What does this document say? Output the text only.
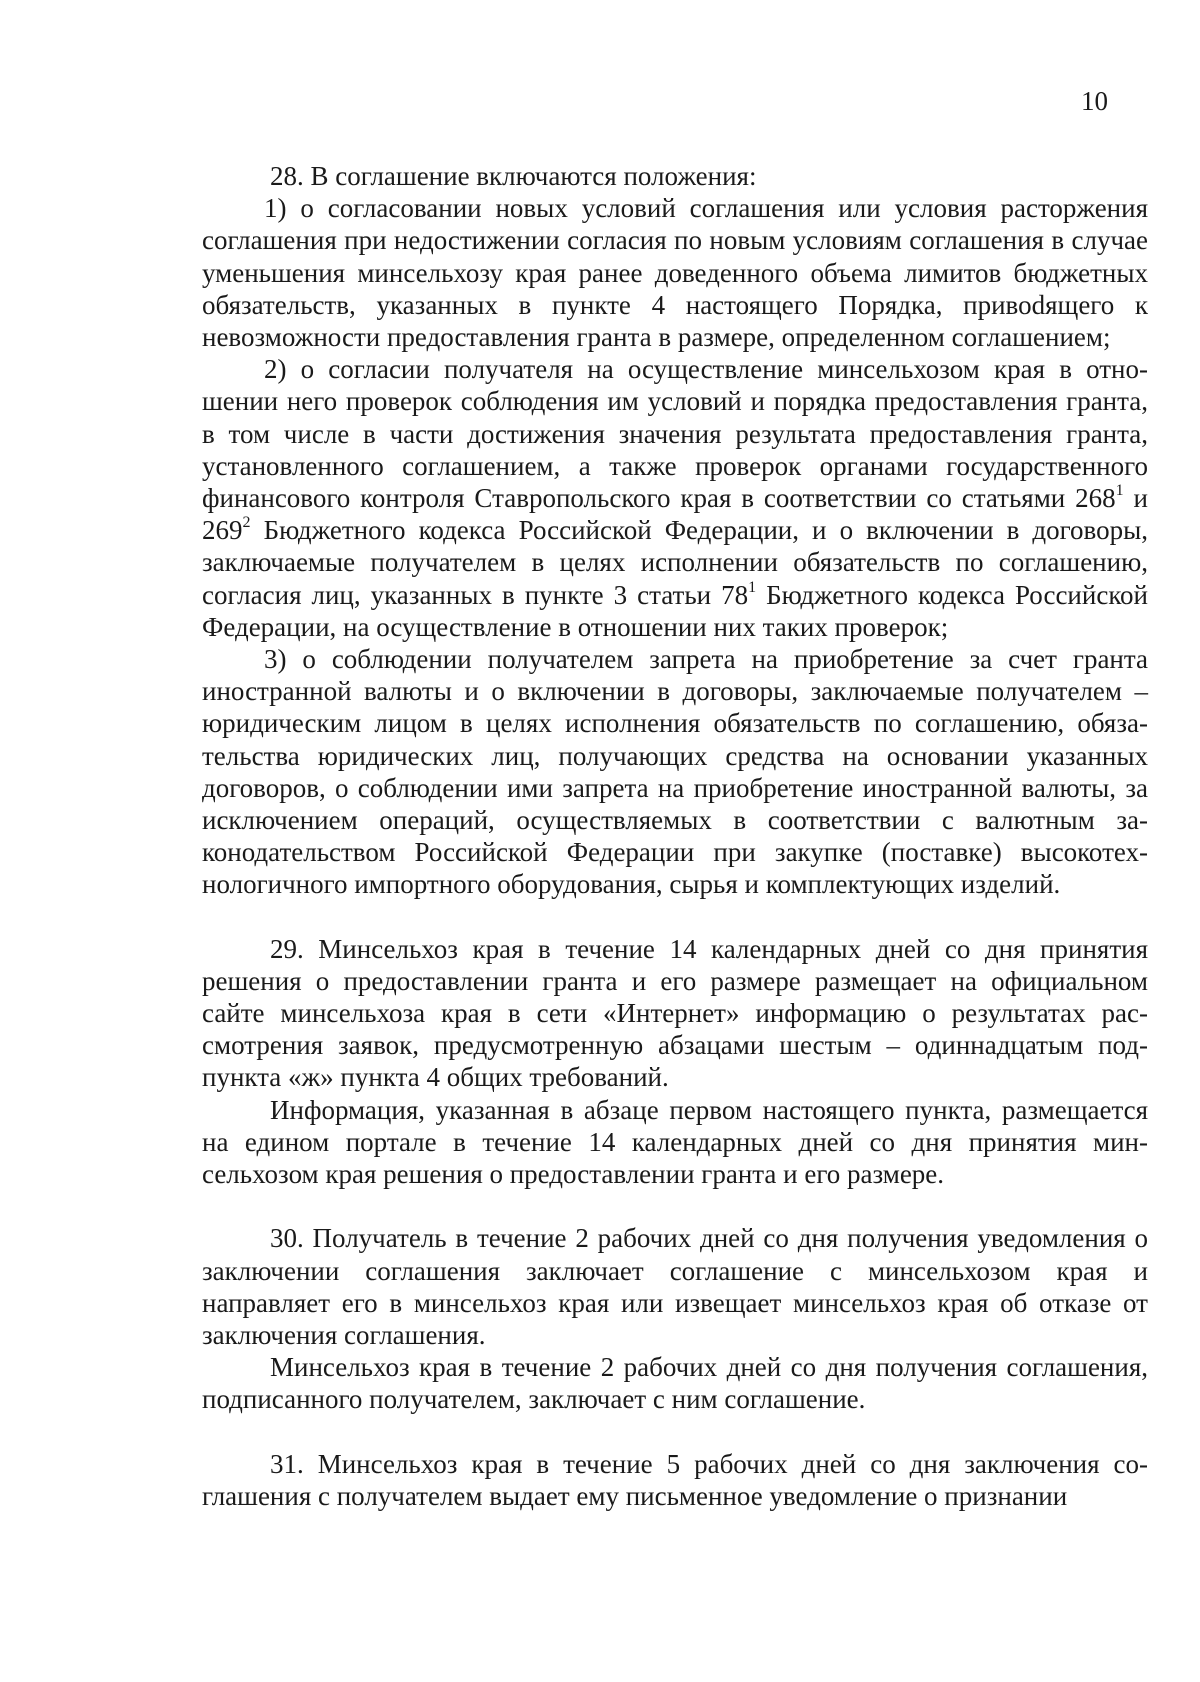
10

28. В соглашение включаются положения:

1) о согласовании новых условий соглашения или условия расторжения соглашения при недостижении согласия по новым условиям соглашения в случае уменьшения минсельхозу края ранее доведенного объема лимитов бюджетных обязательств, указанных в пункте 4 настоящего Порядка, привоdящего к невозможности предоставления гранта в размере, определенном соглашением;

2) о согласии получателя на осуществление минсельхозом края в отношении него проверок соблюдения им условий и порядка предоставления гранта, в том числе в части достижения значения результата предоставления гранта, установленного соглашением, а также проверок органами государственного финансового контроля Ставропольского края в соответствии со статьями $268^1$ и $269^2$ Бюджетного кодекса Российской Федерации, и о включении в договоры, заключаемые получателем в целях исполнении обязательств по соглашению, согласия лиц, указанных в пункте 3 статьи $78^1$ Бюджетного кодекса Российской Федерации, на осуществление в отношении них таких проверок;

3) о соблюдении получателем запрета на приобретение за счет гранта иностранной валюты и о включении в договоры, заключаемые получателем – юридическим лицом в целях исполнения обязательств по соглашению, обязательства юридических лиц, получающих средства на основании указанных договоров, о соблюдении ими запрета на приобретение иностранной валюты, за исключением операций, осуществляемых в соответствии с валютным законодательством Российской Федерации при закупке (поставке) высокотехнологичного импортного оборудования, сырья и комплектующих изделий.

29. Минсельхоз края в течение 14 календарных дней со дня принятия решения о предоставлении гранта и его размере размещает на официальном сайте минсельхоза края в сети «Интернет» информацию о результатах рассмотрения заявок, предусмотренную абзацами шестым – одиннадцатым подпункта «ж» пункта 4 общих требований.

Информация, указанная в абзаце первом настоящего пункта, размещается на едином портале в течение 14 календарных дней со дня принятия минсельхозом края решения о предоставлении гранта и его размере.

30. Получатель в течение 2 рабочих дней со дня получения уведомления о заключении соглашения заключает соглашение с минсельхозом края и направляет его в минсельхоз края или извещает минсельхоз края об отказе от заключения соглашения.

Минсельхоз края в течение 2 рабочих дней со дня получения соглашения, подписанного получателем, заключает с ним соглашение.

31. Минсельхоз края в течение 5 рабочих дней со дня заключения соглашения с получателем выдает ему письменное уведомление о признании
